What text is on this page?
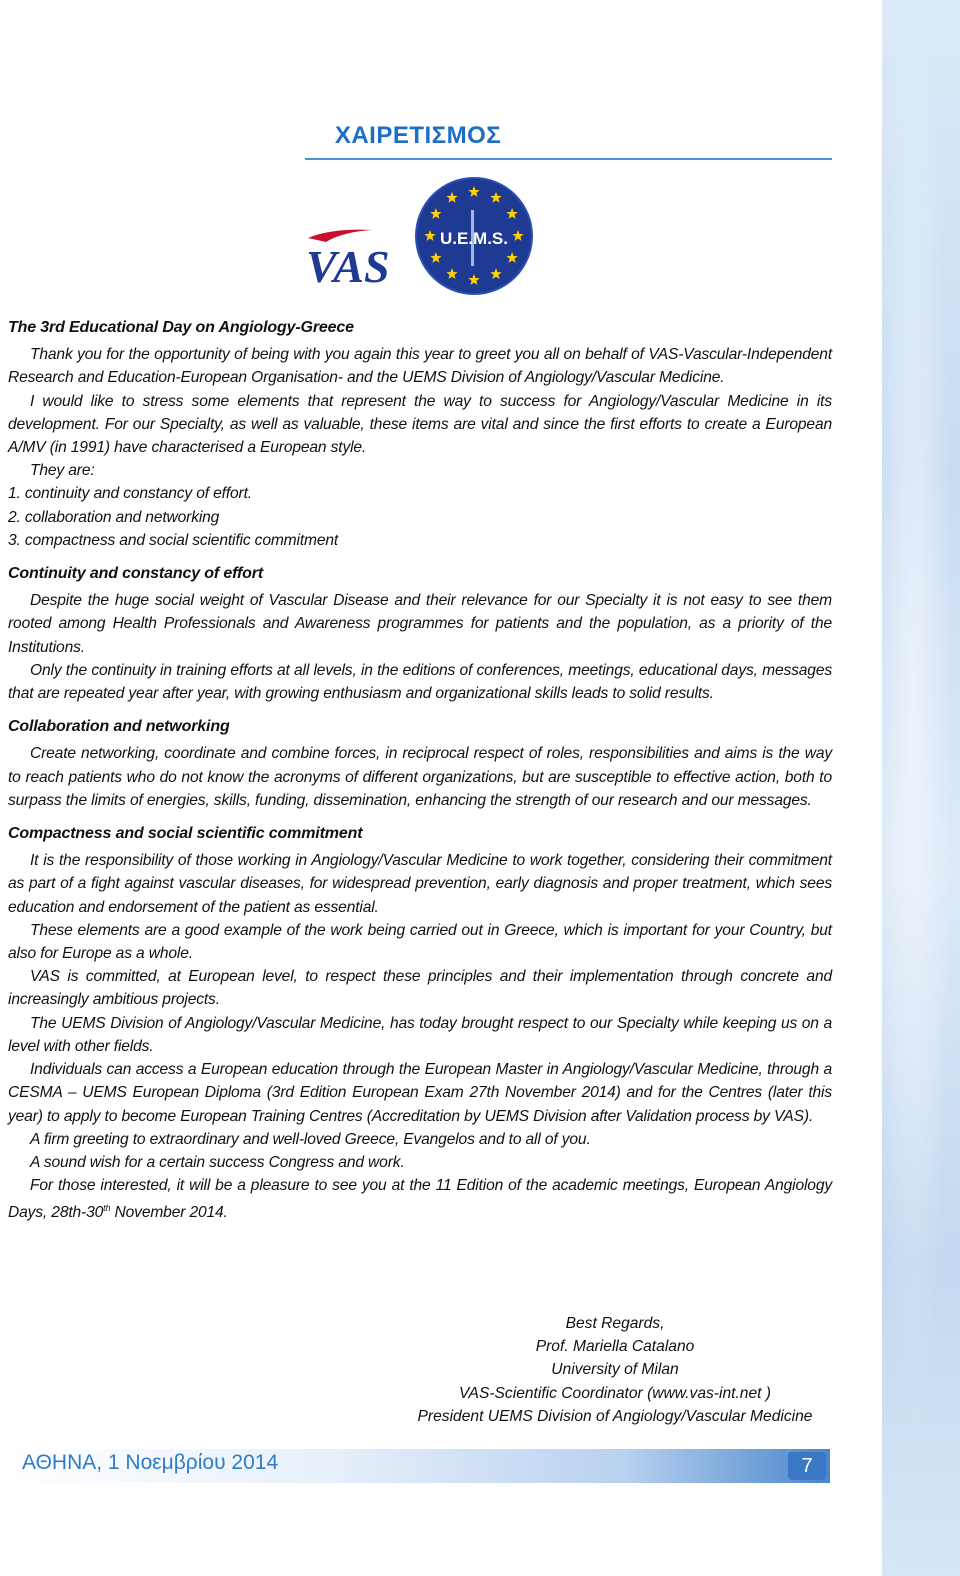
ΧΑΙΡΕΤΙΣΜΟΣ
VAS
U.E.M.S.

The 3rd Educational Day on Angiology-Greece

Thank you for the opportunity of being with you again this year to greet you all on behalf of VAS-Vascular-Independent Research and Education-European Organisation- and the UEMS Division of Angiology/Vascular Medicine.

I would like to stress some elements that represent the way to success for Angiology/Vascular Medicine in its development. For our Specialty, as well as valuable, these items are vital and since the first efforts to create a European A/MV (in 1991) have characterised a European style.

They are:

1. continuity and constancy of effort.

2. collaboration and networking

3. compactness and social scientific commitment

Continuity and constancy of effort

Despite the huge social weight of Vascular Disease and their relevance for our Specialty it is not easy to see them rooted among Health Professionals and Awareness programmes for patients and the population, as a priority of the Institutions.

Only the continuity in training efforts at all levels, in the editions of conferences, meetings, educational days, messages that are repeated year after year, with growing enthusiasm and organizational skills leads to solid results.

Collaboration and networking

Create networking, coordinate and combine forces, in reciprocal respect of roles, responsibilities and aims is the way to reach patients who do not know the acronyms of different organizations, but are susceptible to effective action, both to surpass the limits of energies, skills, funding, dissemination, enhancing the strength of our research and our messages.

Compactness and social scientific commitment

It is the responsibility of those working in Angiology/Vascular Medicine to work together, considering their commitment as part of a fight against vascular diseases, for widespread prevention, early diagnosis and proper treatment, which sees education and endorsement of the patient as essential.

These elements are a good example of the work being carried out in Greece, which is important for your Country, but also for Europe as a whole.

VAS is committed, at European level, to respect these principles and their implementation through concrete and increasingly ambitious projects.

The UEMS Division of Angiology/Vascular Medicine, has today brought respect to our Specialty while keeping us on a level with other fields.

Individuals can access a European education through the European Master in Angiology/Vascular Medicine, through a CESMA – UEMS European Diploma (3rd Edition European Exam 27th November 2014) and for the Centres (later this year) to apply to become European Training Centres (Accreditation by UEMS Division after Validation process by VAS).

A firm greeting to extraordinary and well-loved Greece, Evangelos and to all of you.

A sound wish for a certain success Congress and work.

For those interested, it will be a pleasure to see you at the 11 Edition of the academic meetings, European Angiology Days, 28th-30th November 2014.

Best Regards,
Prof. Mariella Catalano
University of Milan
VAS-Scientific Coordinator (www.vas-int.net )
President UEMS Division of Angiology/Vascular Medicine
ΑΘΗΝΑ, 1 Νοεμβρίου 2014	7
